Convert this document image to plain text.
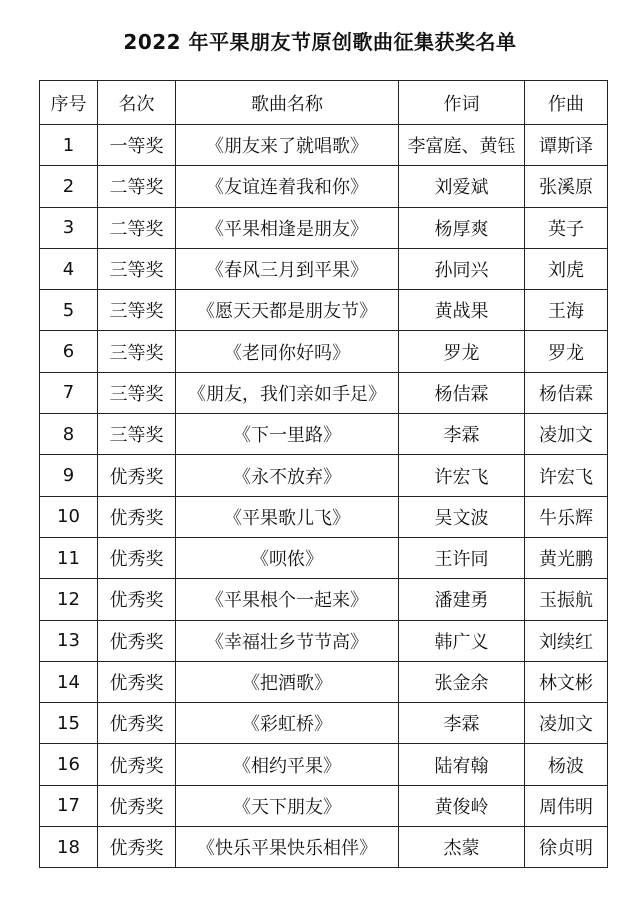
2022 年平果朋友节原创歌曲征集获奖名单
序号	名次	歌曲名称	作词	作曲
1	一等奖	《朋友来了就唱歌》	李富庭、黄钰	谭斯译
2	二等奖	《友谊连着我和你》	刘爱斌	张溪原
3	二等奖	《平果相逢是朋友》	杨厚爽	英子
4	三等奖	《春风三月到平果》	孙同兴	刘虎
5	三等奖	《愿天天都是朋友节》	黄战果	王海
6	三等奖	《老同你好吗》	罗龙	罗龙
7	三等奖	《朋友，我们亲如手足》	杨佶霖	杨佶霖
8	三等奖	《下一里路》	李霖	凌加文
9	优秀奖	《永不放弃》	许宏飞	许宏飞
10	优秀奖	《平果歌儿飞》	吴文波	牛乐辉
11	优秀奖	《呗侬》	王许同	黄光鹏
12	优秀奖	《平果根个一起来》	潘建勇	玉振航
13	优秀奖	《幸福壮乡节节高》	韩广义	刘续红
14	优秀奖	《把酒歌》	张金余	林文彬
15	优秀奖	《彩虹桥》	李霖	凌加文
16	优秀奖	《相约平果》	陆宥翰	杨波
17	优秀奖	《天下朋友》	黄俊岭	周伟明
18	优秀奖	《快乐平果快乐相伴》	杰蒙	徐贞明
